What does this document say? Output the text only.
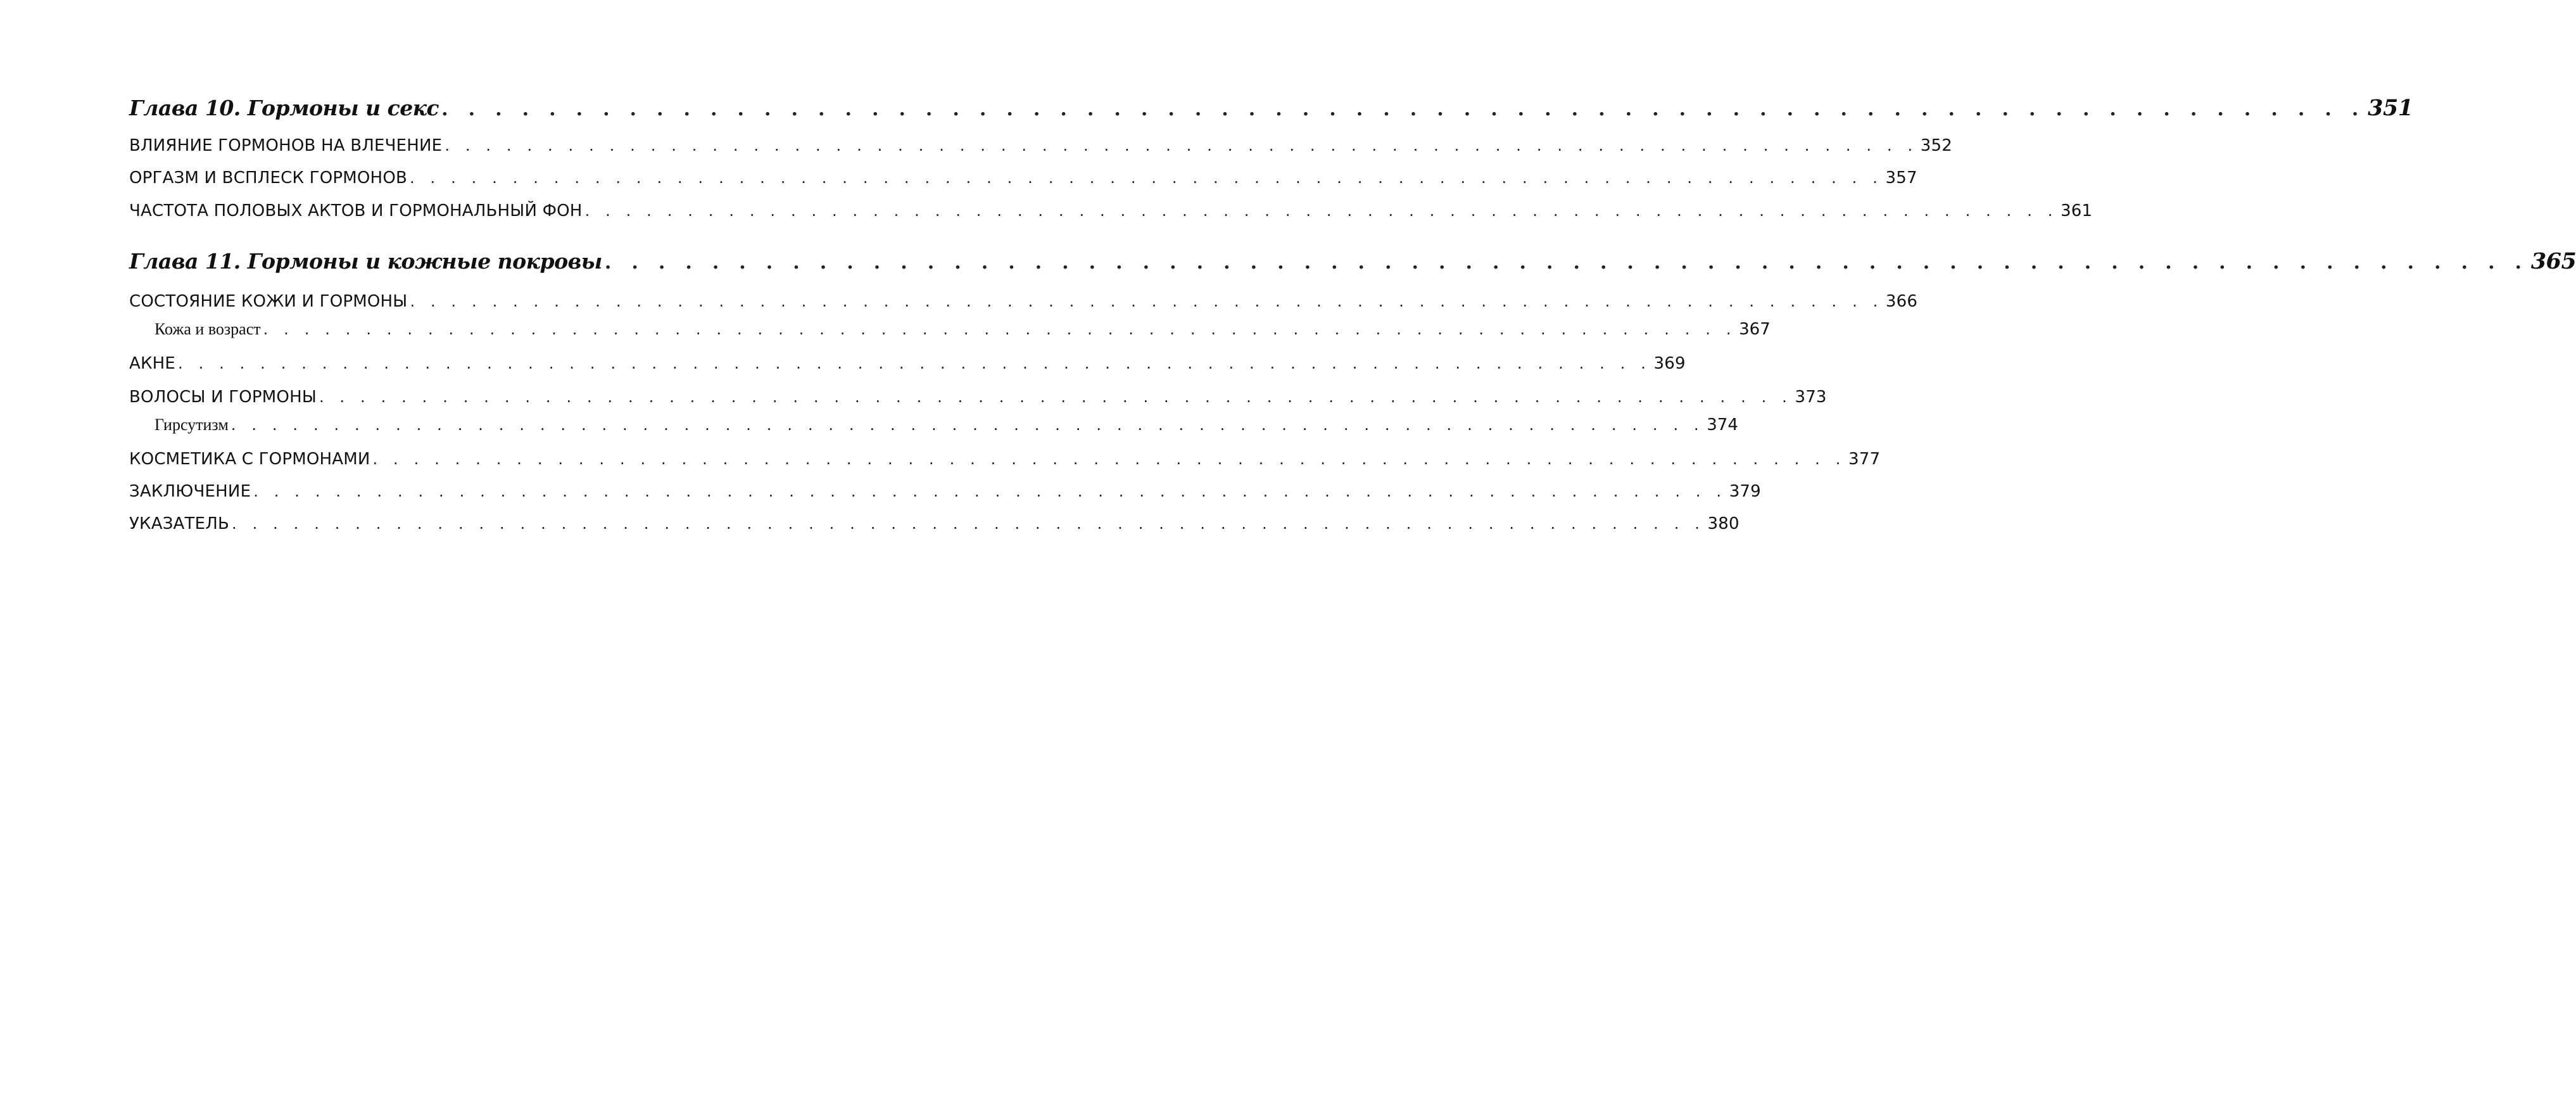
Глава 10. Гормоны и секс . . . . . . . . . . . . . . . . . . . . . . . . . . . . . . . . . . . . . . . . . . . . . . . . . . . . . . . . . . . . . . . . . . . . . . . . 351
ВЛИЯНИЕ ГОРМОНОВ НА ВЛЕЧЕНИЕ . . . . . . . . . . . . . . . . . . . . . . . . . . . . . . . . . . . . . . . . . . . . . . . . . . . . . . . . . . . . . . . . . . . . . . . . 352
ОРГАЗМ И ВСПЛЕСК ГОРМОНОВ . . . . . . . . . . . . . . . . . . . . . . . . . . . . . . . . . . . . . . . . . . . . . . . . . . . . . . . . . . . . . . . . . . . . . . . . 357
ЧАСТОТА ПОЛОВЫХ АКТОВ И ГОРМОНАЛЬНЫЙ ФОН . . . . . . . . . . . . . . . . . . . . . . . . . . . . . . . . . . . . . . . . . . . . . . . . . . . . . . . . . . . . . . . . . . . . . . . . 361
Глава 11. Гормоны и кожные покровы . . . . . . . . . . . . . . . . . . . . . . . . . . . . . . . . . . . . . . . . . . . . . . . . . . . . . . . . . . . . . . . . . . . . . . . . 365
СОСТОЯНИЕ КОЖИ И ГОРМОНЫ . . . . . . . . . . . . . . . . . . . . . . . . . . . . . . . . . . . . . . . . . . . . . . . . . . . . . . . . . . . . . . . . . . . . . . . . 366
Кожа и возраст . . . . . . . . . . . . . . . . . . . . . . . . . . . . . . . . . . . . . . . . . . . . . . . . . . . . . . . . . . . . . . . . . . . . . . . . 367
АКНЕ . . . . . . . . . . . . . . . . . . . . . . . . . . . . . . . . . . . . . . . . . . . . . . . . . . . . . . . . . . . . . . . . . . . . . . . . 369
ВОЛОСЫ И ГОРМОНЫ . . . . . . . . . . . . . . . . . . . . . . . . . . . . . . . . . . . . . . . . . . . . . . . . . . . . . . . . . . . . . . . . . . . . . . . . 373
Гирсутизм . . . . . . . . . . . . . . . . . . . . . . . . . . . . . . . . . . . . . . . . . . . . . . . . . . . . . . . . . . . . . . . . . . . . . . . . 374
КОСМЕТИКА С ГОРМОНАМИ . . . . . . . . . . . . . . . . . . . . . . . . . . . . . . . . . . . . . . . . . . . . . . . . . . . . . . . . . . . . . . . . . . . . . . . . 377
ЗАКЛЮЧЕНИЕ . . . . . . . . . . . . . . . . . . . . . . . . . . . . . . . . . . . . . . . . . . . . . . . . . . . . . . . . . . . . . . . . . . . . . . . . 379
УКАЗАТЕЛЬ . . . . . . . . . . . . . . . . . . . . . . . . . . . . . . . . . . . . . . . . . . . . . . . . . . . . . . . . . . . . . . . . . . . . . . . . 380
